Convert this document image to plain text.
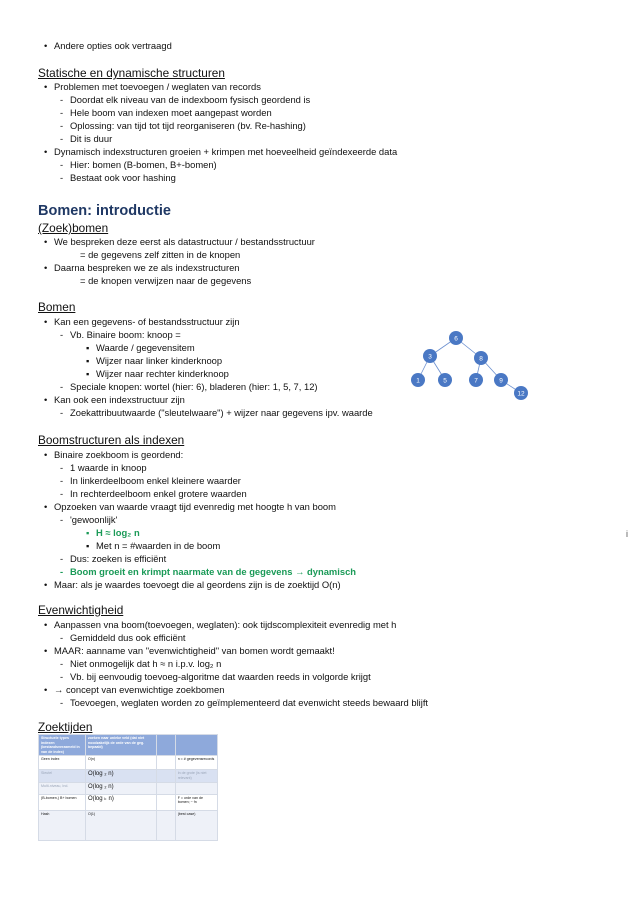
• Andere opties ook vertraagd
Statische en dynamische structuren
• Problemen met toevoegen / weglaten van records
- Doordat elk niveau van de indexboom fysisch geordend is
- Hele boom van indexen moet aangepast worden
- Oplossing: van tijd tot tijd reorganiseren (bv. Re-hashing)
- Dit is duur
• Dynamisch indexstructuren groeien + krimpen met hoeveelheid geïndexeerde data
- Hier: bomen (B-bomen, B+-bomen)
- Bestaat ook voor hashing
Bomen: introductie
(Zoek)bomen
• We bespreken deze eerst als datastructuur / bestandsstructuur
= de gegevens zelf zitten in de knopen
• Daarna bespreken we ze als indexstructuren
= de knopen verwijzen naar de gegevens
Bomen
• Kan een gegevens- of bestandsstructuur zijn
- Vb. Binaire boom: knoop =
▪ Waarde / gegevensitem
▪ Wijzer naar linker kinderknoop
▪ Wijzer naar rechter kinderknoop
- Speciale knopen: wortel (hier: 6), bladeren (hier: 1, 5, 7, 12)
• Kan ook een indexstructuur zijn
- Zoekattribuutwaarde ("sleutelwaare") + wijzer naar gegevens ipv. waarde
6
3	8
1	5	7	9
12
Boomstructuren als indexen
• Binaire zoekboom is geordend:
- 1 waarde in knoop
- In linkerdeelboom enkel kleinere waarder
- In rechterdeelboom enkel grotere waarden
• Opzoeken van waarde vraagt tijd evenredig met hoogte h van boom
- 'gewoonlijk'
▪ H ≈ log₂ n
▪ Met n = #waarden in de boom
- Dus: zoeken is efficiënt
- Boom groeit en krimpt naarmate van de gegevens → dynamisch
• Maar: als je waardes toevoegt die al geordens zijn is de zoektijd O(n)
Evenwichtigheid
• Aanpassen vna boom(toevoegen, weglaten): ook tijdscomplexiteit evenredig met h
- Gemiddeld dus ook efficiënt
• MAAR: aanname van "evenwichtigheid" van bomen wordt gemaakt!
- Niet onmogelijk dat h ≈ n i.p.v. log₂ n
- Vb. bij eenvoudig toevoeg-algoritme dat waarden reeds in volgorde krijgt
• → concept van evenwichtige zoekbomen
- Toevoegen, weglaten worden zo geïmplementeerd dat evenwicht steeds bewaard blijft
Zoektijden
Structuele types indexen (bestandsverzameld in van de index)	zoeken naar unieke veld (dat niet noodzakelijk de orde van de geg. bepaald)		
Geen index	O(n)		n = # gegevensrecords
Sleutel	O(log ₂ n)		In de grote (is niet relevant)
Multi-niveau, Ind.	O(log ₂ n)		
(B-bomen,) B+ bomen	O(log ₖ n)		F = orde van de bomen; ~ fn
Hash	O(1)		(best case)
i
